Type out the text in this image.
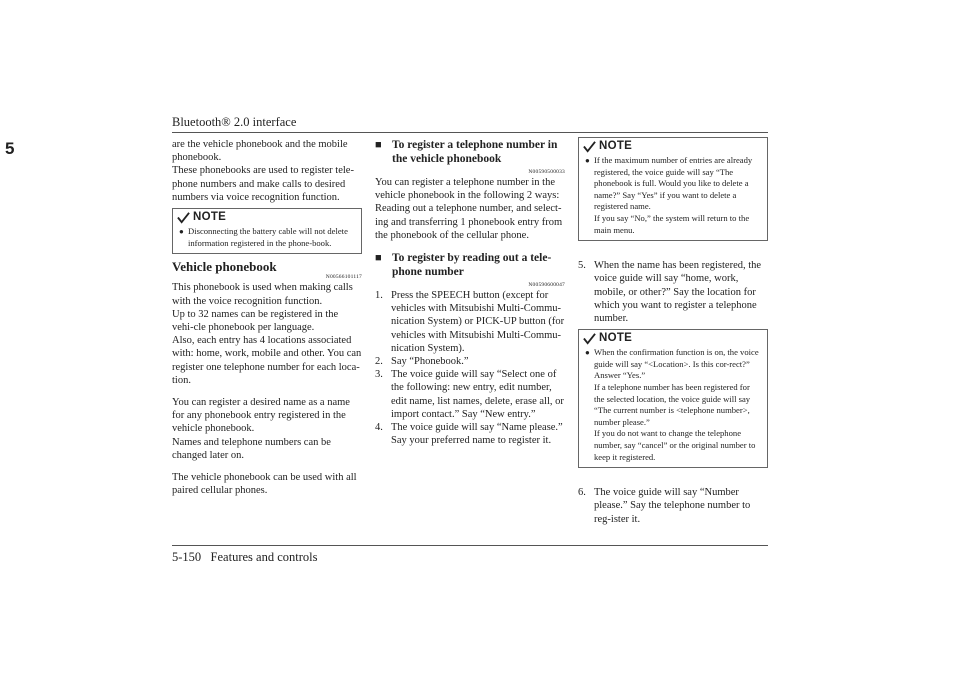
Bluetooth® 2.0 interface
5	are the vehicle phonebook and the mobile phonebook.

These phonebooks are used to register tele-phone numbers and make calls to desired numbers via voice recognition function.

NOTE
● Disconnecting the battery cable will not delete information registered in the phone-book.

Vehicle phonebook
N00566101117

This phonebook is used when making calls with the voice recognition function.

Up to 32 names can be registered in the vehi-cle phonebook per language.

Also, each entry has 4 locations associated with: home, work, mobile and other. You can register one telephone number for each loca-tion.

You can register a desired name as a name for any phonebook entry registered in the vehicle phonebook.

Names and telephone numbers can be changed later on.

The vehicle phonebook can be used with all paired cellular phones.

■ To register a telephone number in the vehicle phonebook
N00590500033

You can register a telephone number in the vehicle phonebook in the following 2 ways: Reading out a telephone number, and select-ing and transferring 1 phonebook entry from the phonebook of the cellular phone.

■ To register by reading out a tele-phone number
N00590600047
1. Press the SPEECH button (except for vehicles with Mitsubishi Multi-Commu-nication System) or PICK-UP button (for vehicles with Mitsubishi Multi-Commu-nication System).
2. Say “Phonebook.”
3. The voice guide will say “Select one of the following: new entry, edit number, edit name, list names, delete, erase all, or import contact.” Say “New entry.”
4. The voice guide will say “Name please.” Say your preferred name to register it.
NOTE
● If the maximum number of entries are already registered, the voice guide will say “The phonebook is full. Would you like to delete a name?” Say “Yes” if you want to delete a registered name.

If you say “No,” the system will return to the main menu.

5. When the name has been registered, the voice guide will say “home, work, mobile, or other?” Say the location for which you want to register a telephone number.
NOTE
● When the confirmation function is on, the voice guide will say “<Location>. Is this cor-rect?” Answer “Yes.”

If a telephone number has been registered for the selected location, the voice guide will say “The current number is <telephone number>, number please.”

If you do not want to change the telephone number, say “cancel” or the original number to keep it registered.

6. The voice guide will say “Number please.” Say the telephone number to reg-ister it.
5-150 Features and controls
